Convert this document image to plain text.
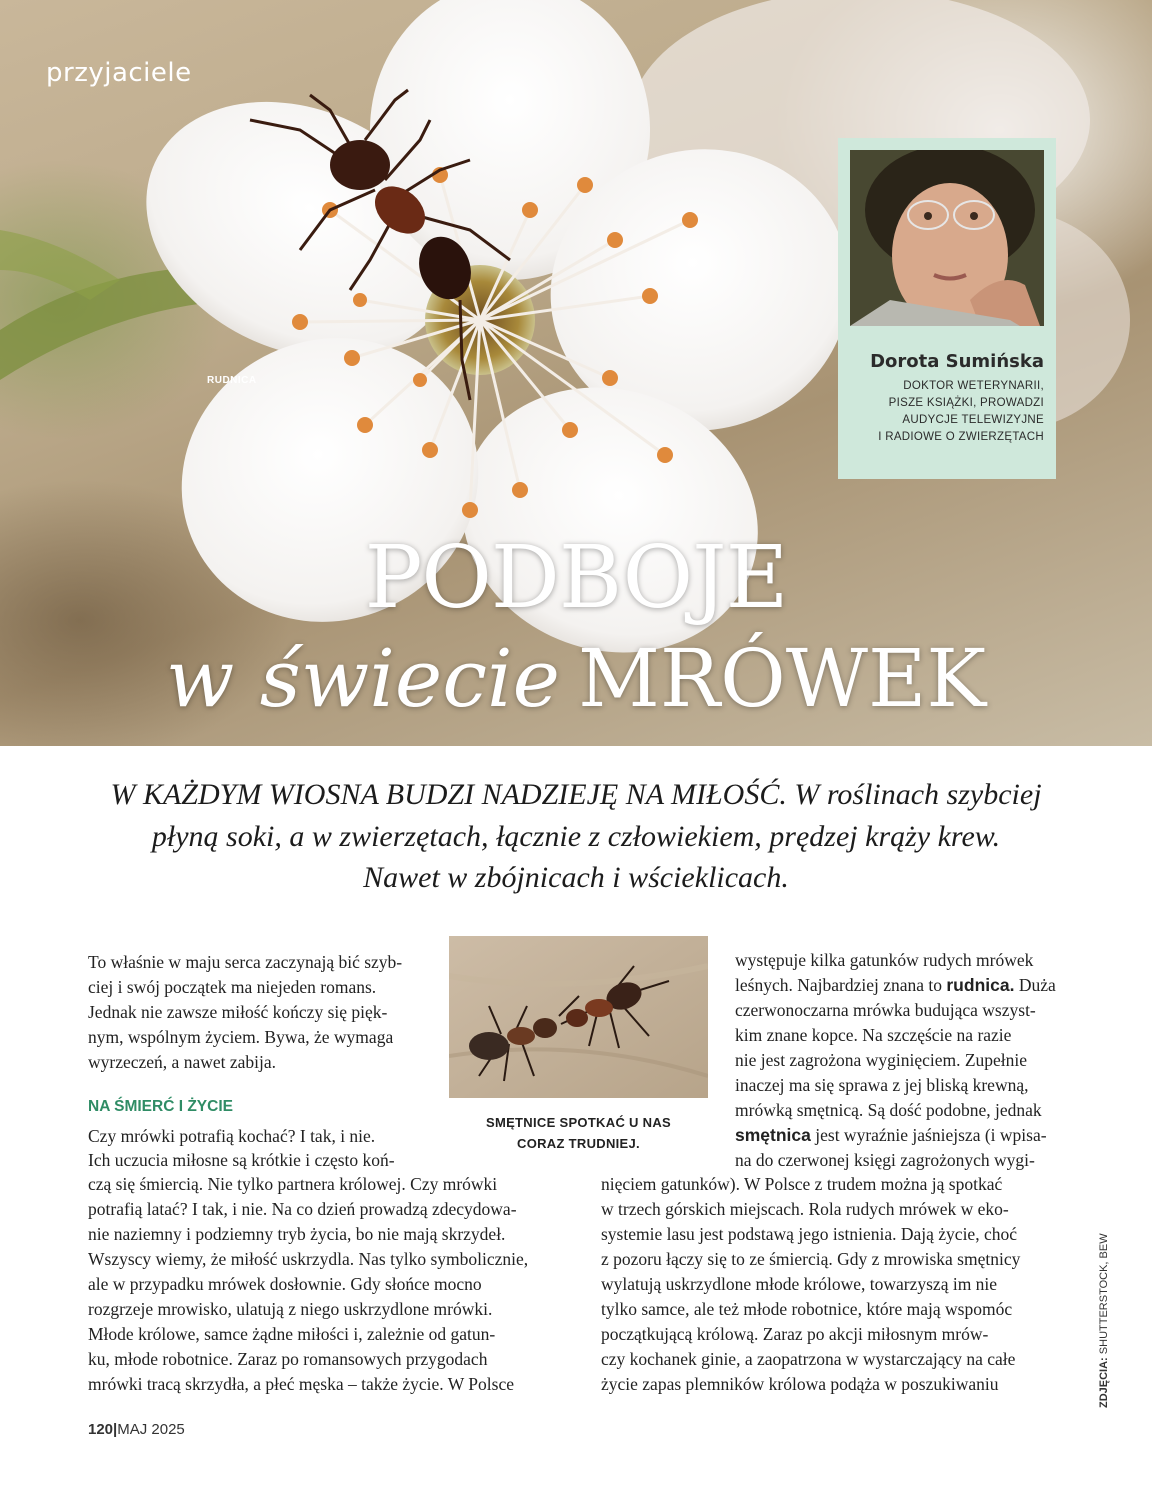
przyjaciele
RUDNICA
Dorota Sumińska
DOKTOR WETERYNARII,
PISZE KSIĄŻKI, PROWADZI
AUDYCJE TELEWIZYJNE
I RADIOWE O ZWIERZĘTACH
PODBOJE
w świecie MRÓWEK
W KAŻDYM WIOSNA BUDZI NADZIEJĘ NA MIŁOŚĆ. W roślinach szybciej
płyną soki, a w zwierzętach, łącznie z człowiekiem, prędzej krąży krew.
Nawet w zbójnicach i wścieklicach.
To właśnie w maju serca zaczynają bić szyb-
ciej i swój początek ma niejeden romans.
Jednak nie zawsze miłość kończy się pięk-
nym, wspólnym życiem. Bywa, że wymaga
wyrzeczeń, a nawet zabija.
NA ŚMIERĆ I ŻYCIE
Czy mrówki potrafią kochać? I tak, i nie.
Ich uczucia miłosne są krótkie i często koń-
czą się śmiercią. Nie tylko partnera królowej. Czy mrówki
potrafią latać? I tak, i nie. Na co dzień prowadzą zdecydowa-
nie naziemny i podziemny tryb życia, bo nie mają skrzydeł.
Wszyscy wiemy, że miłość uskrzydla. Nas tylko symbolicznie,
ale w przypadku mrówek dosłownie. Gdy słońce mocno
rozgrzeje mrowisko, ulatują z niego uskrzydlone mrówki.
Młode królowe, samce żądne miłości i, zależnie od gatun-
ku, młode robotnice. Zaraz po romansowych przygodach
mrówki tracą skrzydła, a płeć męska – także życie. W Polsce
SMĘTNICE SPOTKAĆ U NAS
CORAZ TRUDNIEJ.
występuje kilka gatunków rudych mrówek
leśnych. Najbardziej znana to rudnica. Duża
czerwonoczarna mrówka budująca wszyst-
kim znane kopce. Na szczęście na razie
nie jest zagrożona wyginięciem. Zupełnie
inaczej ma się sprawa z jej bliską krewną,
mrówką smętnicą. Są dość podobne, jednak
smętnica jest wyraźnie jaśniejsza (i wpisa-
na do czerwonej księgi zagrożonych wygi-
nięciem gatunków). W Polsce z trudem można ją spotkać
w trzech górskich miejscach. Rola rudych mrówek w eko-
systemie lasu jest podstawą jego istnienia. Dają życie, choć
z pozoru łączy się to ze śmiercią. Gdy z mrowiska smętnicy
wylatują uskrzydlone młode królowe, towarzyszą im nie
tylko samce, ale też młode robotnice, które mają wspomóc
początkującą królową. Zaraz po akcji miłosnym mrów-
czy kochanek ginie, a zaopatrzona w wystarczający na całe
życie zapas plemników królowa podąża w poszukiwaniu	ZDJĘCIA: SHUTTERSTOCK, BEW
120|MAJ 2025
